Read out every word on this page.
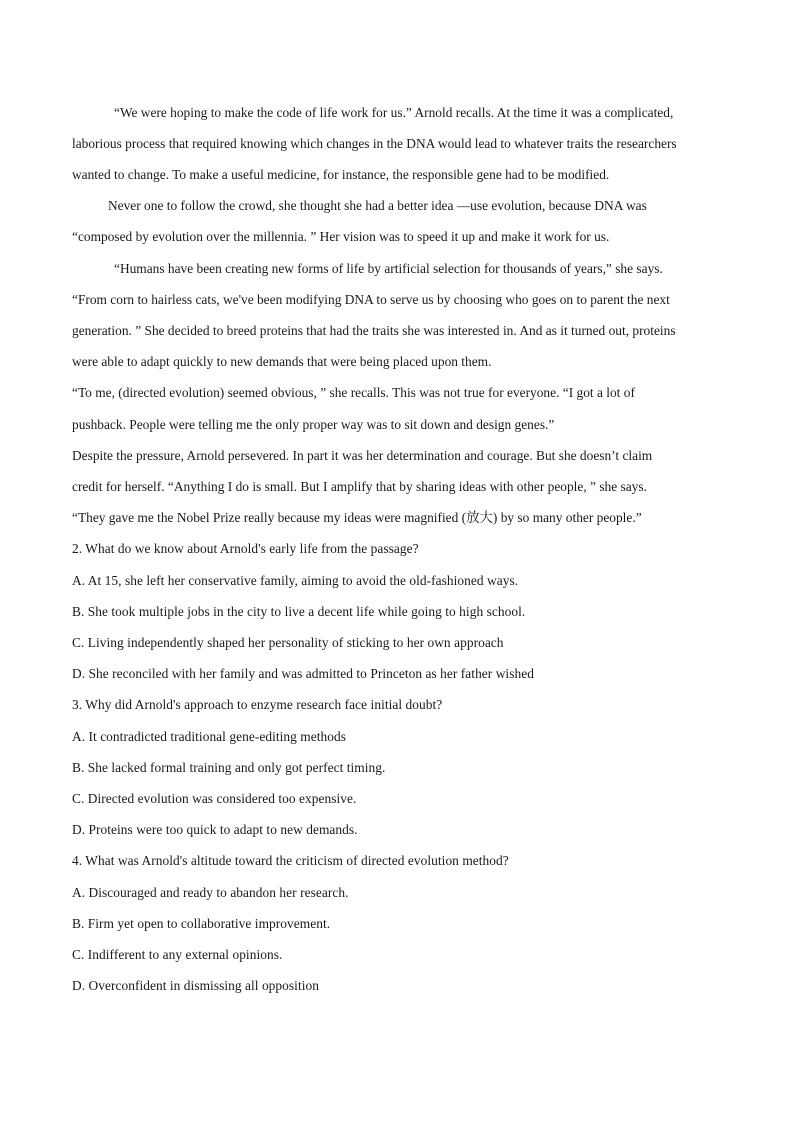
“We were hoping to make the code of life work for us.” Arnold recalls. At the time it was a complicated,
laborious process that required knowing which changes in the DNA would lead to whatever traits the researchers
wanted to change. To make a useful medicine, for instance, the responsible gene had to be modified.
Never one to follow the crowd, she thought she had a better idea —use evolution, because DNA was
“composed by evolution over the millennia. ” Her vision was to speed it up and make it work for us.
“Humans have been creating new forms of life by artificial selection for thousands of years,” she says.
“From corn to hairless cats, we've been modifying DNA to serve us by choosing who goes on to parent the next
generation. ” She decided to breed proteins that had the traits she was interested in. And as it turned out, proteins
were able to adapt quickly to new demands that were being placed upon them.
“To me, (directed evolution) seemed obvious, ” she recalls. This was not true for everyone. “I got a lot of
pushback. People were telling me the only proper way was to sit down and design genes.”
Despite the pressure, Arnold persevered. In part it was her determination and courage. But she doesn’t claim
credit for herself. “Anything I do is small. But I amplify that by sharing ideas with other people, ” she says.
“They gave me the Nobel Prize really because my ideas were magnified (放大) by so many other people.”
2. What do we know about Arnold's early life from the passage?
A. At 15, she left her conservative family, aiming to avoid the old-fashioned ways.
B. She took multiple jobs in the city to live a decent life while going to high school.
C. Living independently shaped her personality of sticking to her own approach
D. She reconciled with her family and was admitted to Princeton as her father wished
3. Why did Arnold's approach to enzyme research face initial doubt?
A. It contradicted traditional gene-editing methods
B. She lacked formal training and only got perfect timing.
C. Directed evolution was considered too expensive.
D. Proteins were too quick to adapt to new demands.
4. What was Arnold's altitude toward the criticism of directed evolution method?
A. Discouraged and ready to abandon her research.
B. Firm yet open to collaborative improvement.
C. Indifferent to any external opinions.
D. Overconfident in dismissing all opposition
